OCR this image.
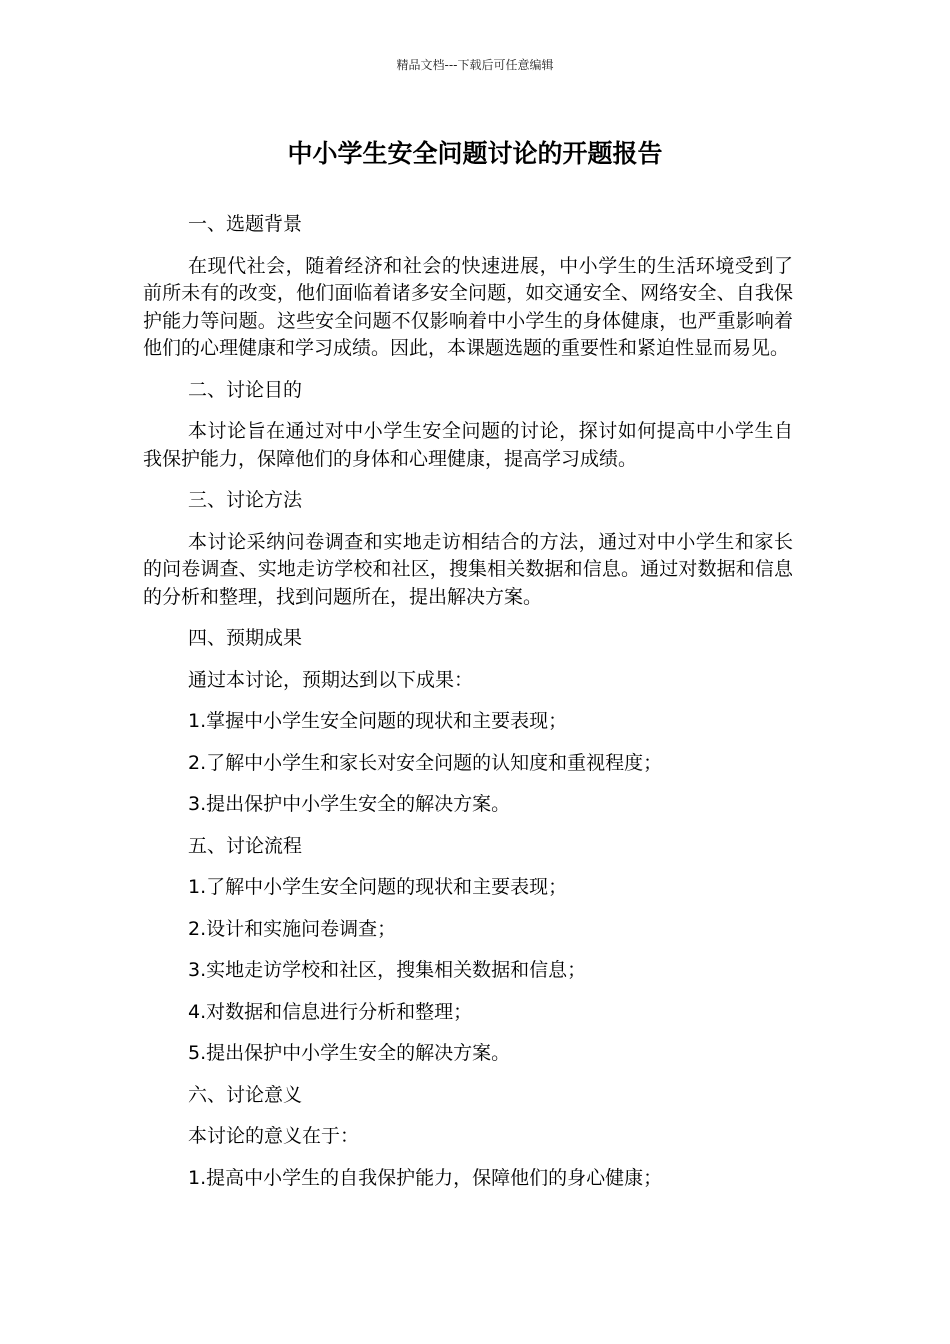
精品文档---下载后可任意编辑
中小学生安全问题讨论的开题报告

一、选题背景

在现代社会，随着经济和社会的快速进展，中小学生的生活环境受到了前所未有的改变，他们面临着诸多安全问题，如交通安全、网络安全、自我保护能力等问题。这些安全问题不仅影响着中小学生的身体健康，也严重影响着他们的心理健康和学习成绩。因此，本课题选题的重要性和紧迫性显而易见。

二、讨论目的

本讨论旨在通过对中小学生安全问题的讨论，探讨如何提高中小学生自我保护能力，保障他们的身体和心理健康，提高学习成绩。

三、讨论方法

本讨论采纳问卷调查和实地走访相结合的方法，通过对中小学生和家长的问卷调查、实地走访学校和社区，搜集相关数据和信息。通过对数据和信息的分析和整理，找到问题所在，提出解决方案。

四、预期成果

通过本讨论，预期达到以下成果：

1.掌握中小学生安全问题的现状和主要表现；

2.了解中小学生和家长对安全问题的认知度和重视程度；

3.提出保护中小学生安全的解决方案。

五、讨论流程

1.了解中小学生安全问题的现状和主要表现；

2.设计和实施问卷调查；

3.实地走访学校和社区，搜集相关数据和信息；

4.对数据和信息进行分析和整理；

5.提出保护中小学生安全的解决方案。

六、讨论意义

本讨论的意义在于：

1.提高中小学生的自我保护能力，保障他们的身心健康；
